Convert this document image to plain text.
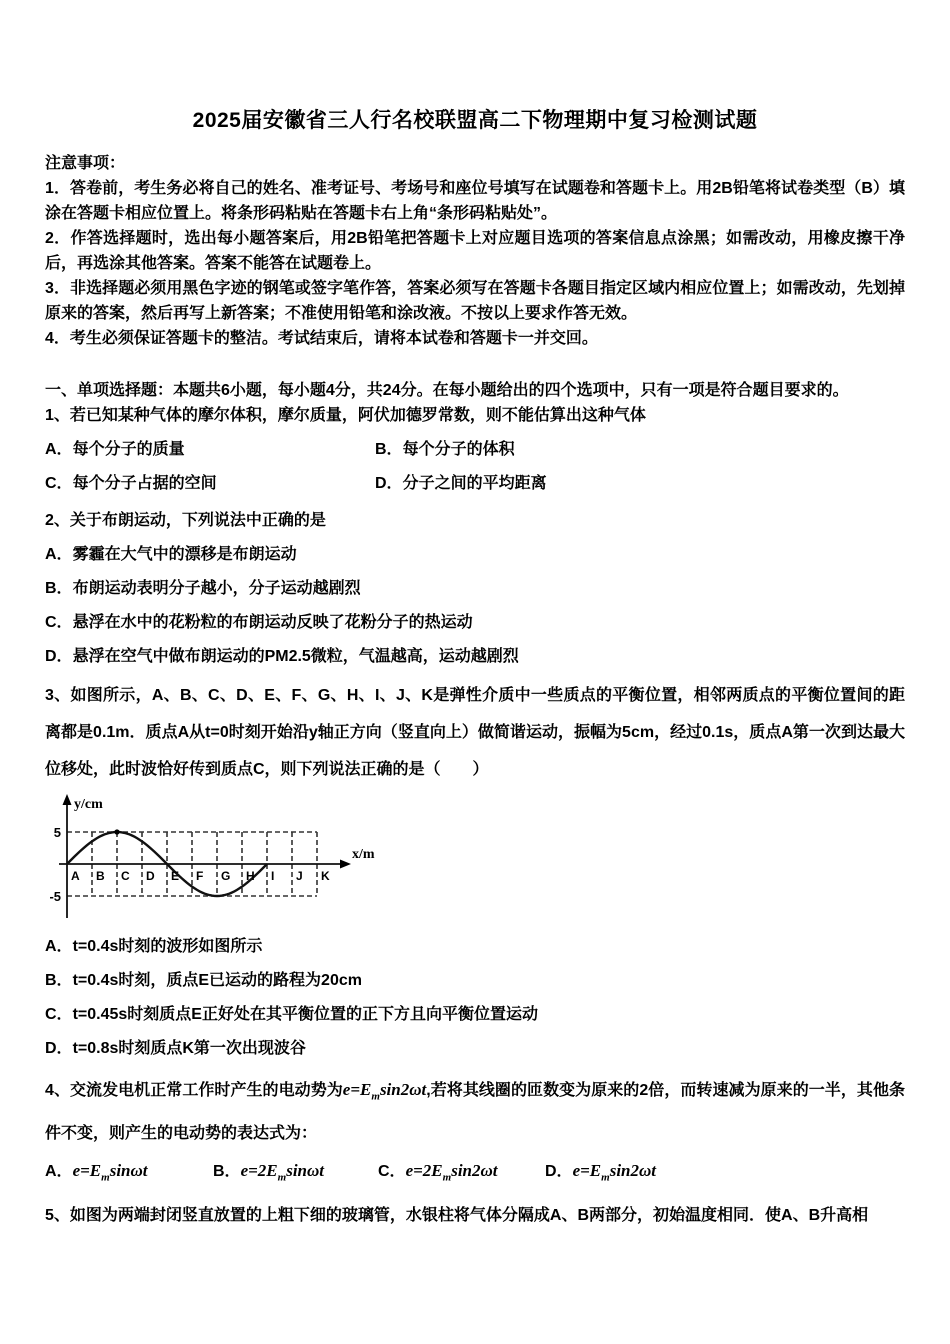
2025届安徽省三人行名校联盟高二下物理期中复习检测试题

注意事项：

1．答卷前，考生务必将自己的姓名、准考证号、考场号和座位号填写在试题卷和答题卡上。用2B铅笔将试卷类型（B）填涂在答题卡相应位置上。将条形码粘贴在答题卡右上角“条形码粘贴处”。

2．作答选择题时，选出每小题答案后，用2B铅笔把答题卡上对应题目选项的答案信息点涂黑；如需改动，用橡皮擦干净后，再选涂其他答案。答案不能答在试题卷上。

3．非选择题必须用黑色字迹的钢笔或签字笔作答，答案必须写在答题卡各题目指定区域内相应位置上；如需改动，先划掉原来的答案，然后再写上新答案；不准使用铅笔和涂改液。不按以上要求作答无效。

4．考生必须保证答题卡的整洁。考试结束后，请将本试卷和答题卡一并交回。

一、单项选择题：本题共6小题，每小题4分，共24分。在每小题给出的四个选项中，只有一项是符合题目要求的。

1、若已知某种气体的摩尔体积，摩尔质量，阿伏加德罗常数，则不能估算出这种气体

A．每个分子的质量	B．每个分子的体积
C．每个分子占据的空间	D．分子之间的平均距离

2、关于布朗运动，下列说法中正确的是

A．雾霾在大气中的漂移是布朗运动
B．布朗运动表明分子越小，分子运动越剧烈
C．悬浮在水中的花粉粒的布朗运动反映了花粉分子的热运动
D．悬浮在空气中做布朗运动的PM2.5微粒，气温越高，运动越剧烈

3、如图所示，A、B、C、D、E、F、G、H、I、J、K是弹性介质中一些质点的平衡位置，相邻两质点的平衡位置间的距离都是0.1m．质点A从t=0时刻开始沿y轴正方向（竖直向上）做简谐运动，振幅为5cm，经过0.1s，质点A第一次到达最大位移处，此时波恰好传到质点C，则下列说法正确的是（　　）

y/cm
x/m
5
-5
A B C D E F G H I J K
A．t=0.4s时刻的波形如图所示
B．t=0.4s时刻，质点E已运动的路程为20cm
C．t=0.45s时刻质点E正好处在其平衡位置的正下方且向平衡位置运动
D．t=0.8s时刻质点K第一次出现波谷

4、交流发电机正常工作时产生的电动势为$e=E_m\sin 2\omega t$,若将其线圈的匝数变为原来的2倍，而转速减为原来的一半，其他条件不变，则产生的电动势的表达式为：

A．$e=E_m\sin\omega t$	B．$e=2E_m\sin\omega t$	C．$e=2E_m\sin 2\omega t$	D．$e=E_m\sin 2\omega t$

5、如图为两端封闭竖直放置的上粗下细的玻璃管，水银柱将气体分隔成A、B两部分，初始温度相同．使A、B升高相
